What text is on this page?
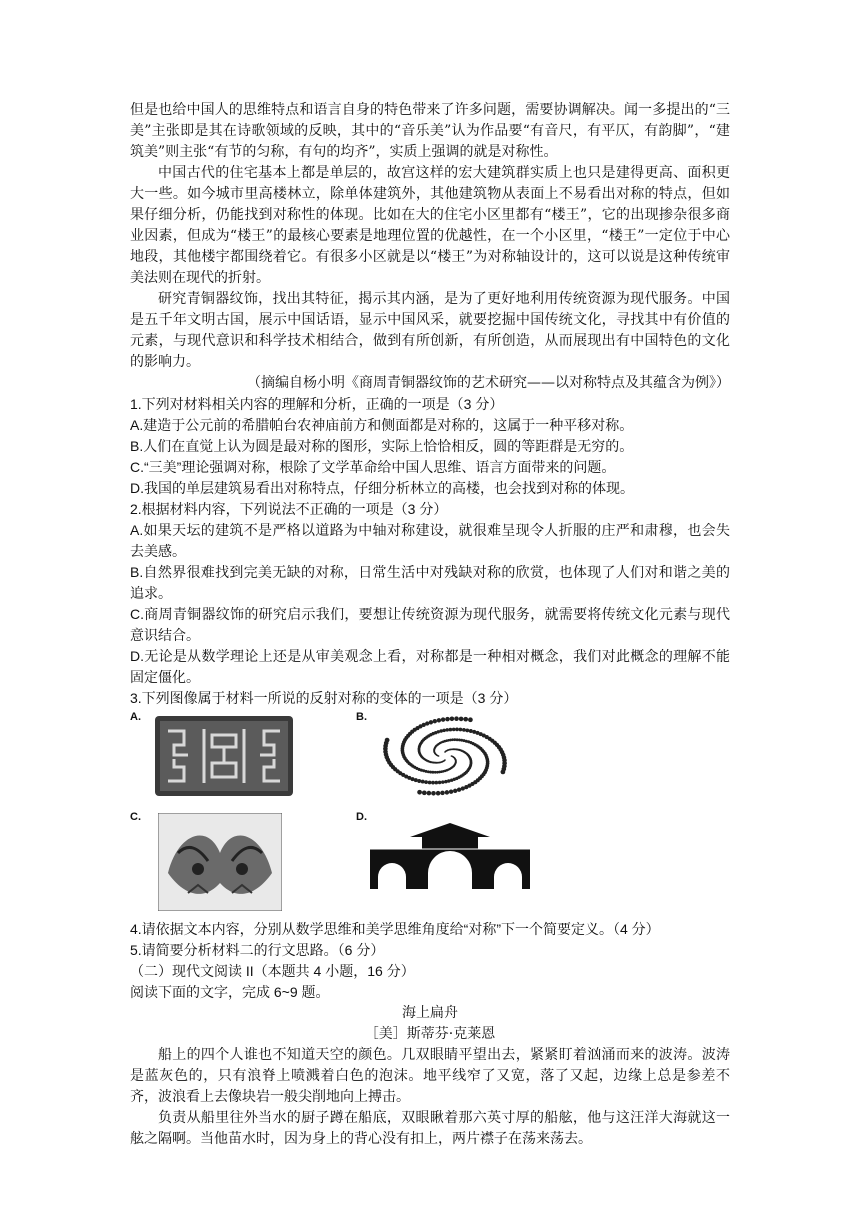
但是也给中国人的思维特点和语言自身的特色带来了许多问题，需要协调解决。闻一多提出的“三美”主张即是其在诗歌领域的反映，其中的“音乐美”认为作品要“有音尺，有平仄，有韵脚”，“建筑美”则主张“有节的匀称，有句的均齐”，实质上强调的就是对称性。

中国古代的住宅基本上都是单层的，故宫这样的宏大建筑群实质上也只是建得更高、面积更大一些。如今城市里高楼林立，除单体建筑外，其他建筑物从表面上不易看出对称的特点，但如果仔细分析，仍能找到对称性的体现。比如在大的住宅小区里都有“楼王”，它的出现掺杂很多商业因素，但成为“楼王”的最核心要素是地理位置的优越性，在一个小区里，“楼王”一定位于中心地段，其他楼宇都围绕着它。有很多小区就是以“楼王”为对称轴设计的，这可以说是这种传统审美法则在现代的折射。

研究青铜器纹饰，找出其特征，揭示其内涵，是为了更好地利用传统资源为现代服务。中国是五千年文明古国，展示中国话语，显示中国风采，就要挖掘中国传统文化，寻找其中有价值的元素，与现代意识和科学技术相结合，做到有所创新，有所创造，从而展现出有中国特色的文化的影响力。

（摘编自杨小明《商周青铜器纹饰的艺术研究——以对称特点及其蕴含为例》）

1.下列对材料相关内容的理解和分析，正确的一项是（3 分）

A.建造于公元前的希腊帕台农神庙前方和侧面都是对称的，这属于一种平移对称。

B.人们在直觉上认为圆是最对称的图形，实际上恰恰相反，圆的等距群是无穷的。

C.“三美”理论强调对称，根除了文学革命给中国人思维、语言方面带来的问题。

D.我国的单层建筑易看出对称特点，仔细分析林立的高楼，也会找到对称的体现。

2.根据材料内容，下列说法不正确的一项是（3 分）

A.如果天坛的建筑不是严格以道路为中轴对称建设，就很难呈现令人折服的庄严和肃穆，也会失去美感。

B.自然界很难找到完美无缺的对称，日常生活中对残缺对称的欣赏，也体现了人们对和谐之美的追求。

C.商周青铜器纹饰的研究启示我们，要想让传统资源为现代服务，就需要将传统文化元素与现代意识结合。

D.无论是从数学理论上还是从审美观念上看，对称都是一种相对概念，我们对此概念的理解不能固定僵化。

3.下列图像属于材料一所说的反射对称的变体的一项是（3 分）

A.	B.
C.	D.

4.请依据文本内容，分别从数学思维和美学思维角度给“对称”下一个简要定义。（4 分）

5.请简要分析材料二的行文思路。（6 分）

（二）现代文阅读 II（本题共 4 小题，16 分）

阅读下面的文字，完成 6~9 题。

海上扁舟

［美］斯蒂芬·克莱恩

船上的四个人谁也不知道天空的颜色。几双眼睛平望出去，紧紧盯着汹涌而来的波涛。波涛是蓝灰色的，只有浪脊上喷溅着白色的泡沫。地平线窄了又宽，落了又起，边缘上总是参差不齐，波浪看上去像块岩一般尖削地向上搏击。

负责从船里往外当水的厨子蹲在船底，双眼瞅着那六英寸厚的船舷，他与这汪洋大海就这一舷之隔啊。当他苗水时，因为身上的背心没有扣上，两片襟子在荡来荡去。
